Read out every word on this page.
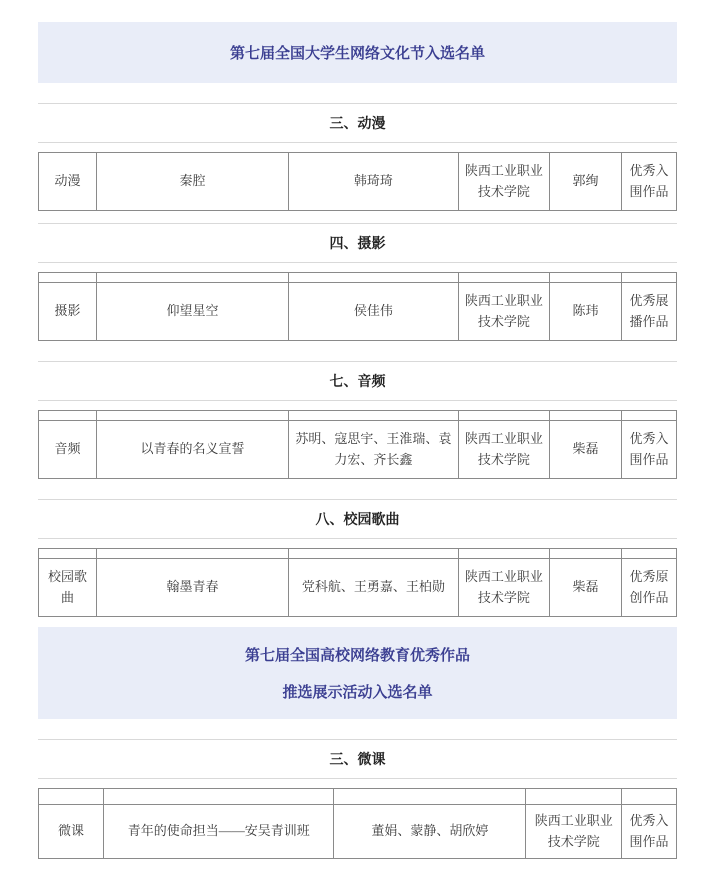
第七届全国大学生网络文化节入选名单
三、动漫
动漫	秦腔	韩琦琦	陕西工业职业技术学院	郭绚	优秀入围作品
四、摄影

摄影	仰望星空	侯佳伟	陕西工业职业技术学院	陈玮	优秀展播作品
七、音频

音频	以青春的名义宣誓	苏明、寇思宇、王淮瑞、袁力宏、齐长鑫	陕西工业职业技术学院	柴磊	优秀入围作品
八、校园歌曲

校园歌曲	翰墨青春	党科航、王勇嘉、王柏勋	陕西工业职业技术学院	柴磊	优秀原创作品
第七届全国高校网络教育优秀作品
推选展示活动入选名单
三、微课

微课	青年的使命担当——安吴青训班	董娟、蒙静、胡欣婷	陕西工业职业技术学院	优秀入围作品
